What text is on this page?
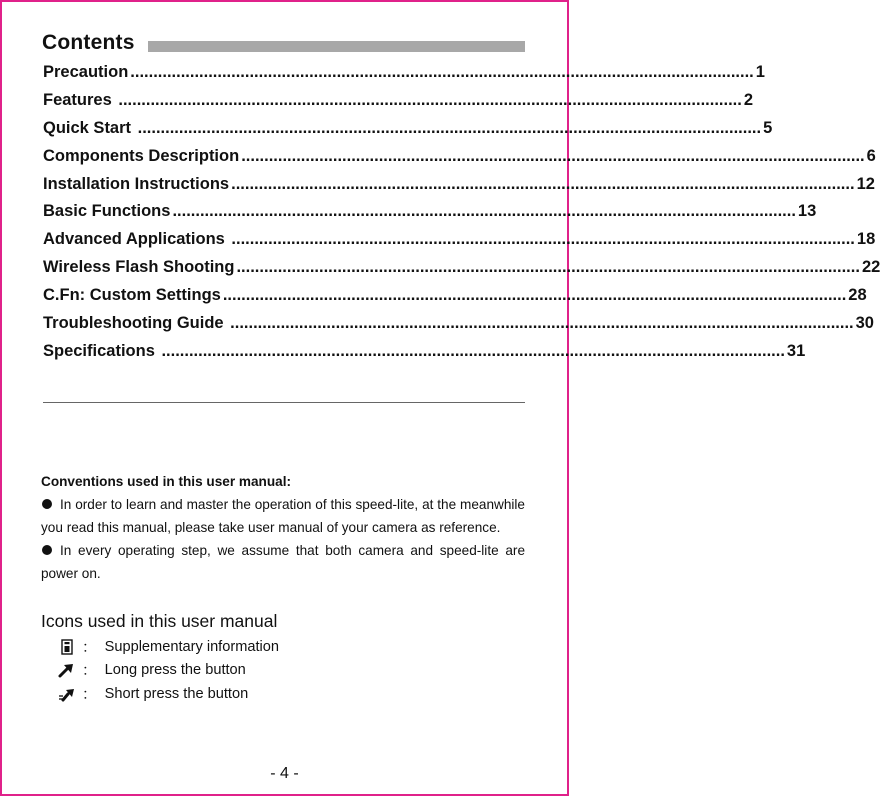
Contents
Precaution ........................................................................................................................................ 1
Features ........................................................................................................................................ 2
Quick Start ........................................................................................................................................ 5
Components Description ........................................................................................................................................ 6
Installation Instructions ........................................................................................................................................ 12
Basic Functions ........................................................................................................................................ 13
Advanced Applications ........................................................................................................................................ 18
Wireless Flash Shooting ........................................................................................................................................ 22
C.Fn: Custom Settings ........................................................................................................................................ 28
Troubleshooting Guide ........................................................................................................................................ 30
Specifications ........................................................................................................................................ 31
Conventions used in this user manual:
In order to learn and master the operation of this speed-lite, at the meanwhile you read this manual, please take user manual of your camera as reference.
In every operating step, we assume that both camera and speed-lite are power on.
Icons used in this user manual
： Supplementary information
： Long press the button
： Short press the button
- 4 -
